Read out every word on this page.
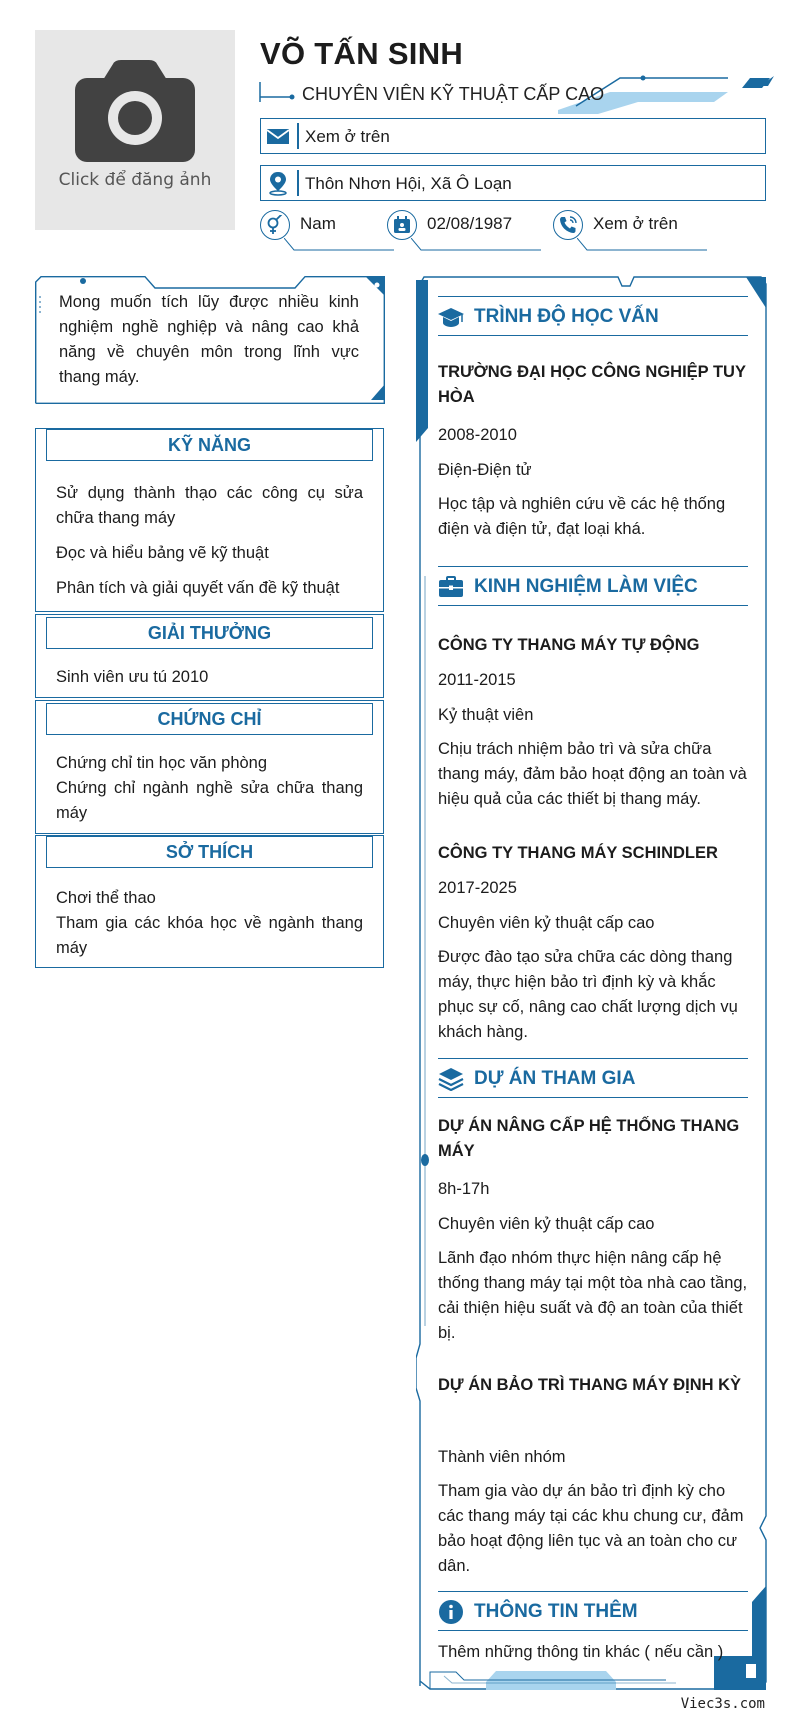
Click để đăng ảnh
VÕ TẤN SINH
CHUYÊN VIÊN KỸ THUẬT CẤP CAO
Xem ở trên
Thôn Nhơn Hội, Xã Ô Loạn
Nam	02/08/1987	Xem ở trên
Mong muốn tích lũy được nhiều kinh nghiệm nghề nghiệp và nâng cao khả năng về chuyên môn trong lĩnh vực thang máy.
KỸ NĂNG
Sử dụng thành thạo các công cụ sửa chữa thang máy
Đọc và hiểu bảng vẽ kỹ thuật
Phân tích và giải quyết vấn đề kỹ thuật
GIẢI THƯỞNG
Sinh viên ưu tú 2010
CHỨNG CHỈ
Chứng chỉ tin học văn phòng
Chứng chỉ ngành nghề sửa chữa thang máy
SỞ THÍCH
Chơi thể thao
Tham gia các khóa học về ngành thang máy
TRÌNH ĐỘ HỌC VẤN
TRƯỜNG ĐẠI HỌC CÔNG NGHIỆP TUY HÒA
2008-2010
Điện-Điện tử
Học tập và nghiên cứu về các hệ thống điện và điện tử, đạt loại khá.
KINH NGHIỆM LÀM VIỆC
CÔNG TY THANG MÁY TỰ ĐỘNG
2011-2015
Kỷ thuật viên
Chịu trách nhiệm bảo trì và sửa chữa thang máy, đảm bảo hoạt động an toàn và hiệu quả của các thiết bị thang máy.
CÔNG TY THANG MÁY SCHINDLER
2017-2025
Chuyên viên kỷ thuật cấp cao
Được đào tạo sửa chữa các dòng thang máy, thực hiện bảo trì định kỳ và khắc phục sự cố, nâng cao chất lượng dịch vụ khách hàng.
DỰ ÁN THAM GIA
DỰ ÁN NÂNG CẤP HỆ THỐNG THANG MÁY
8h-17h
Chuyên viên kỷ thuật cấp cao
Lãnh đạo nhóm thực hiện nâng cấp hệ thống thang máy tại một tòa nhà cao tầng, cải thiện hiệu suất và độ an toàn của thiết bị.
DỰ ÁN BẢO TRÌ THANG MÁY ĐỊNH KỲ
Thành viên nhóm
Tham gia vào dự án bảo trì định kỳ cho các thang máy tại các khu chung cư, đảm bảo hoạt động liên tục và an toàn cho cư dân.
THÔNG TIN THÊM
Thêm những thông tin khác ( nếu cần )
Viec3s.com
